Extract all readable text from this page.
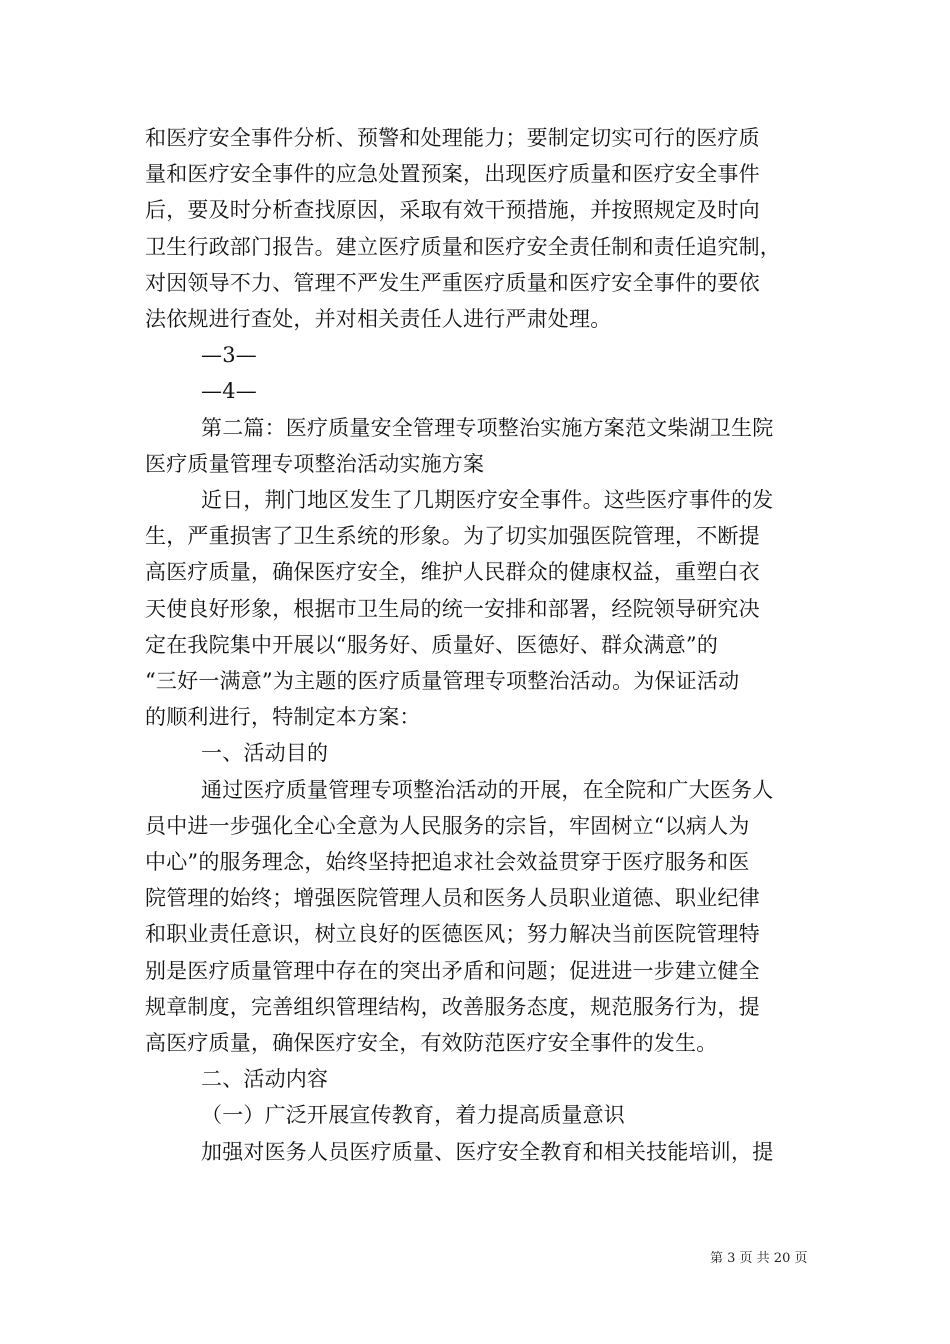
和医疗安全事件分析、预警和处理能力；要制定切实可行的医疗质
量和医疗安全事件的应急处置预案，出现医疗质量和医疗安全事件
后，要及时分析查找原因，采取有效干预措施，并按照规定及时向
卫生行政部门报告。建立医疗质量和医疗安全责任制和责任追究制，
对因领导不力、管理不严发生严重医疗质量和医疗安全事件的要依
法依规进行查处，并对相关责任人进行严肃处理。
—3—
—4—
第二篇：医疗质量安全管理专项整治实施方案范文柴湖卫生院
医疗质量管理专项整治活动实施方案
近日，荆门地区发生了几期医疗安全事件。这些医疗事件的发
生，严重损害了卫生系统的形象。为了切实加强医院管理，不断提
高医疗质量，确保医疗安全，维护人民群众的健康权益，重塑白衣
天使良好形象，根据市卫生局的统一安排和部署，经院领导研究决
定在我院集中开展以“服务好、质量好、医德好、群众满意”的
“三好一满意”为主题的医疗质量管理专项整治活动。为保证活动
的顺利进行，特制定本方案：
一、活动目的
通过医疗质量管理专项整治活动的开展，在全院和广大医务人
员中进一步强化全心全意为人民服务的宗旨，牢固树立“以病人为
中心”的服务理念，始终坚持把追求社会效益贯穿于医疗服务和医
院管理的始终；增强医院管理人员和医务人员职业道德、职业纪律
和职业责任意识，树立良好的医德医风；努力解决当前医院管理特
别是医疗质量管理中存在的突出矛盾和问题；促进进一步建立健全
规章制度，完善组织管理结构，改善服务态度，规范服务行为，提
高医疗质量，确保医疗安全，有效防范医疗安全事件的发生。
二、活动内容
（一）广泛开展宣传教育，着力提高质量意识
加强对医务人员医疗质量、医疗安全教育和相关技能培训，提
第 3 页 共 20 页
